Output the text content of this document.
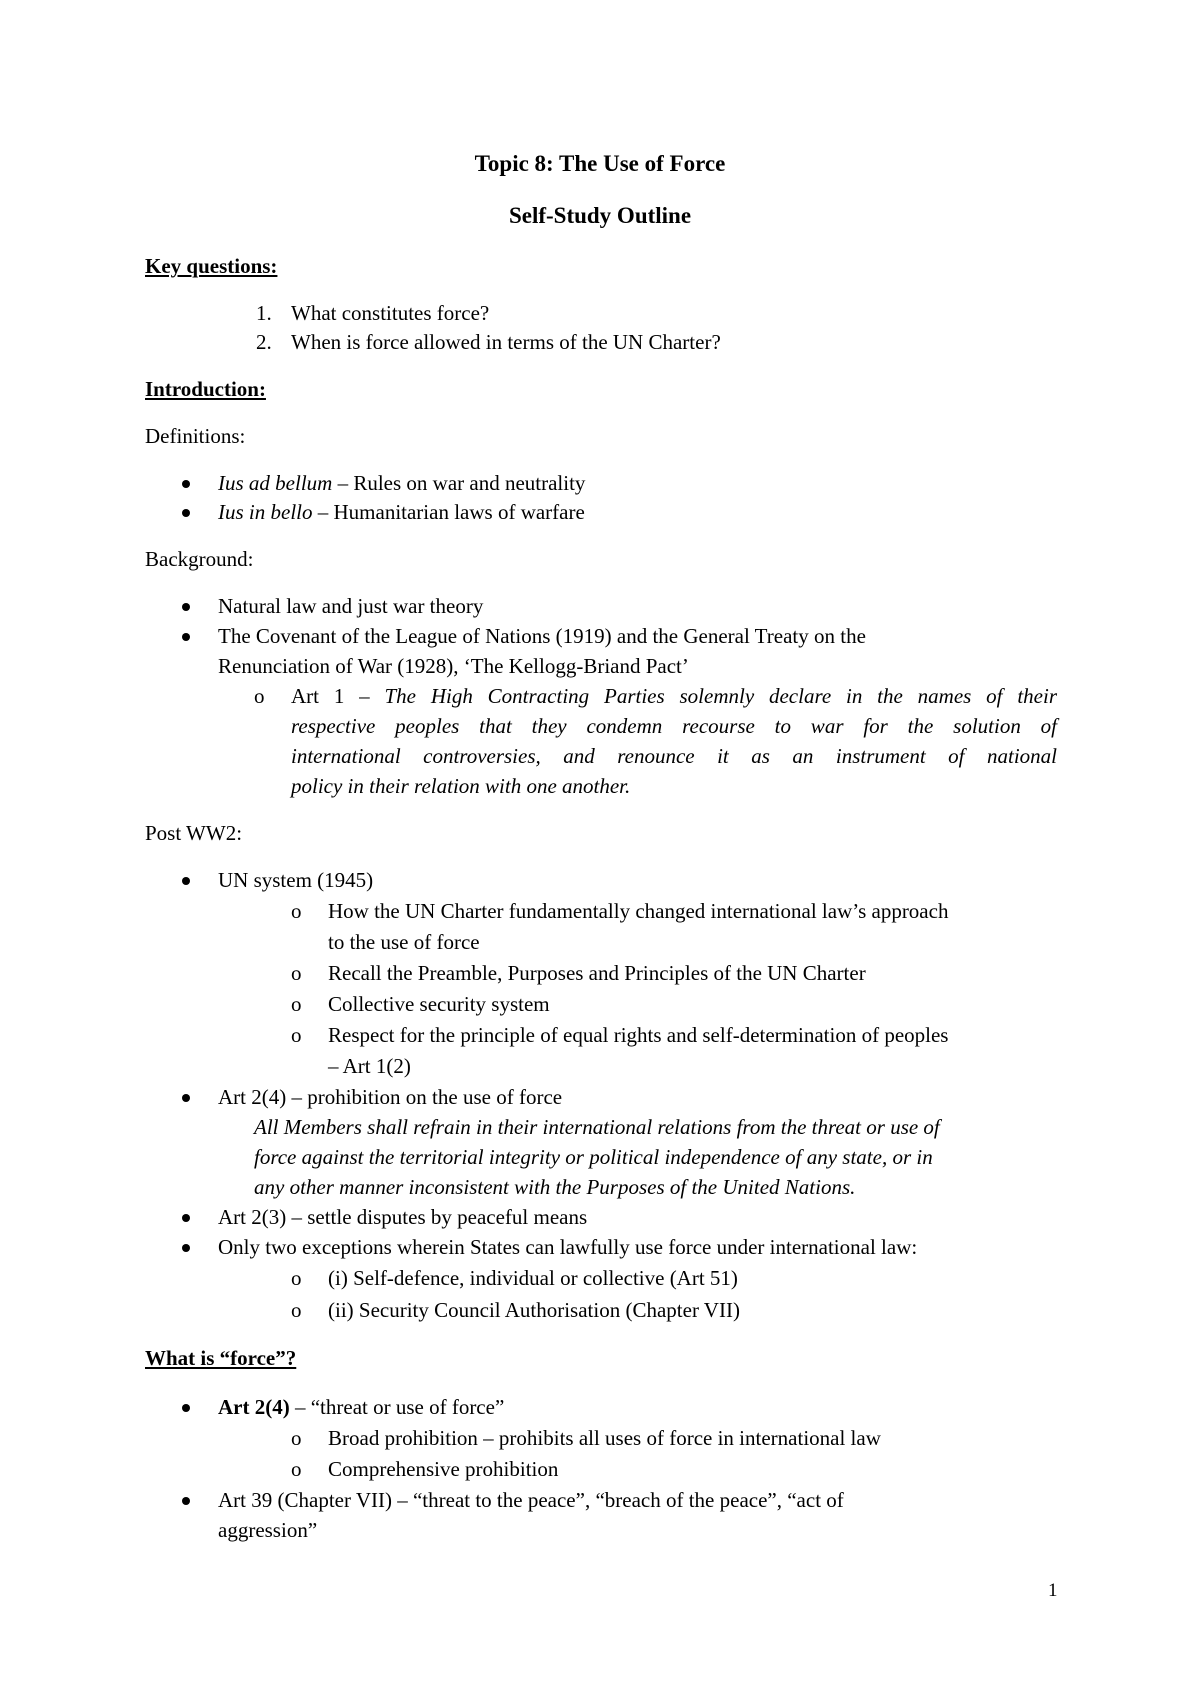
Topic 8: The Use of Force
Self-Study Outline
Key questions:
1. What constitutes force?
2. When is force allowed in terms of the UN Charter?
Introduction:
Definitions:
Ius ad bellum – Rules on war and neutrality
Ius in bello – Humanitarian laws of warfare
Background:
Natural law and just war theory
The Covenant of the League of Nations (1919) and the General Treaty on the
Renunciation of War (1928), ‘The Kellogg-Briand Pact’
o Art 1 – The High Contracting Parties solemnly declare in the names of their
respective peoples that they condemn recourse to war for the solution of
international controversies, and renounce it as an instrument of national
policy in their relation with one another.
Post WW2:
UN system (1945)
o How the UN Charter fundamentally changed international law’s approach
to the use of force
o Recall the Preamble, Purposes and Principles of the UN Charter
o Collective security system
o Respect for the principle of equal rights and self-determination of peoples
– Art 1(2)
Art 2(4) – prohibition on the use of force
All Members shall refrain in their international relations from the threat or use of
force against the territorial integrity or political independence of any state, or in
any other manner inconsistent with the Purposes of the United Nations.
Art 2(3) – settle disputes by peaceful means
Only two exceptions wherein States can lawfully use force under international law:
o (i) Self-defence, individual or collective (Art 51)
o (ii) Security Council Authorisation (Chapter VII)
What is “force”?
Art 2(4) – “threat or use of force”
o Broad prohibition – prohibits all uses of force in international law
o Comprehensive prohibition
Art 39 (Chapter VII) – “threat to the peace”, “breach of the peace”, “act of
aggression”
1
